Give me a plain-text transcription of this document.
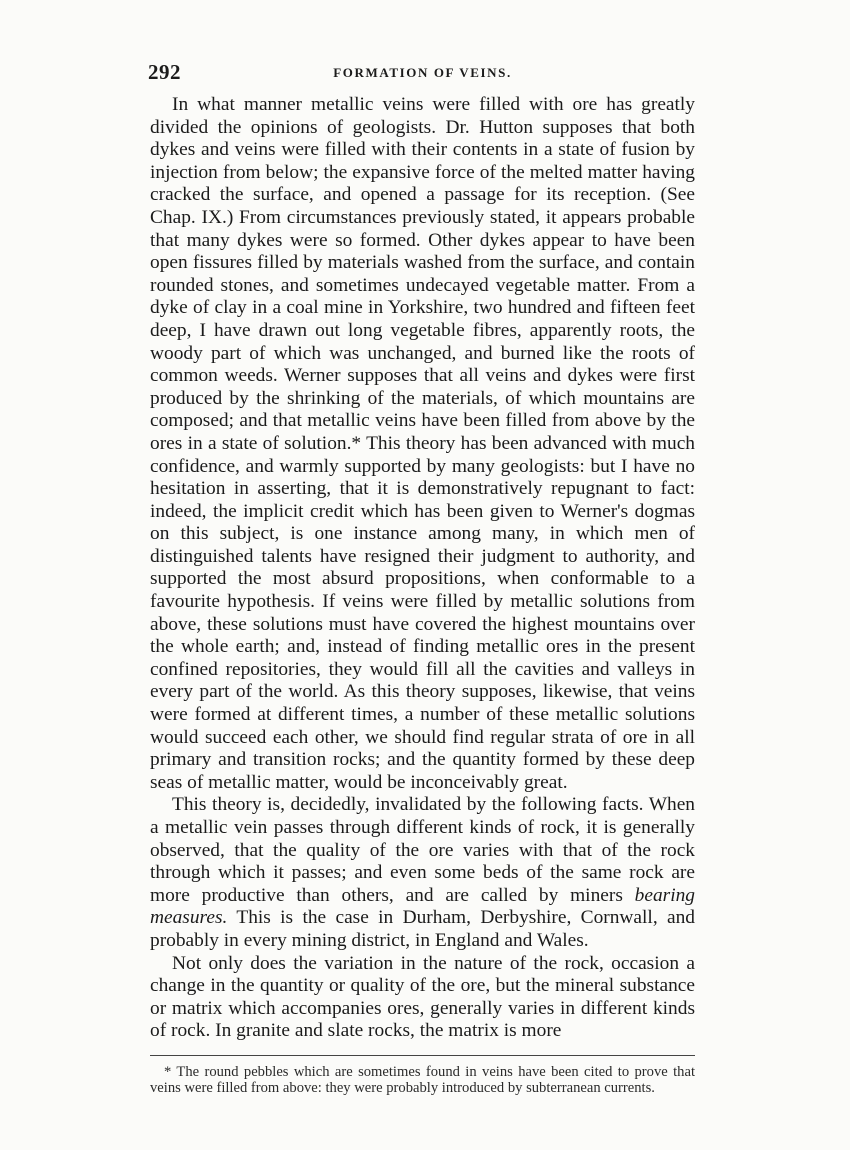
292	FORMATION OF VEINS.

In what manner metallic veins were filled with ore has greatly divided the opinions of geologists. Dr. Hutton supposes that both dykes and veins were filled with their contents in a state of fusion by injection from below; the expansive force of the melted matter having cracked the surface, and opened a passage for its reception. (See Chap. IX.) From circumstances previously stated, it appears probable that many dykes were so formed. Other dykes appear to have been open fissures filled by materials washed from the surface, and contain rounded stones, and sometimes undecayed vegetable matter. From a dyke of clay in a coal mine in Yorkshire, two hundred and fifteen feet deep, I have drawn out long vegetable fibres, apparently roots, the woody part of which was unchanged, and burned like the roots of common weeds. Werner supposes that all veins and dykes were first produced by the shrinking of the materials, of which mountains are composed; and that metallic veins have been filled from above by the ores in a state of solution.* This theory has been advanced with much confidence, and warmly supported by many geologists: but I have no hesitation in asserting, that it is demonstratively repugnant to fact: indeed, the implicit credit which has been given to Werner's dogmas on this subject, is one instance among many, in which men of distinguished talents have resigned their judgment to authority, and supported the most absurd propositions, when conformable to a favourite hypothesis. If veins were filled by metallic solutions from above, these solutions must have covered the highest mountains over the whole earth; and, instead of finding metallic ores in the present confined repositories, they would fill all the cavities and valleys in every part of the world. As this theory supposes, likewise, that veins were formed at different times, a number of these metallic solutions would succeed each other, we should find regular strata of ore in all primary and transition rocks; and the quantity formed by these deep seas of metallic matter, would be inconceivably great.

This theory is, decidedly, invalidated by the following facts. When a metallic vein passes through different kinds of rock, it is generally observed, that the quality of the ore varies with that of the rock through which it passes; and even some beds of the same rock are more productive than others, and are called by miners bearing measures. This is the case in Durham, Derbyshire, Cornwall, and probably in every mining district, in England and Wales.

Not only does the variation in the nature of the rock, occasion a change in the quantity or quality of the ore, but the mineral substance or matrix which accompanies ores, generally varies in different kinds of rock. In granite and slate rocks, the matrix is more

* The round pebbles which are sometimes found in veins have been cited to prove that veins were filled from above: they were probably introduced by subterranean currents.
